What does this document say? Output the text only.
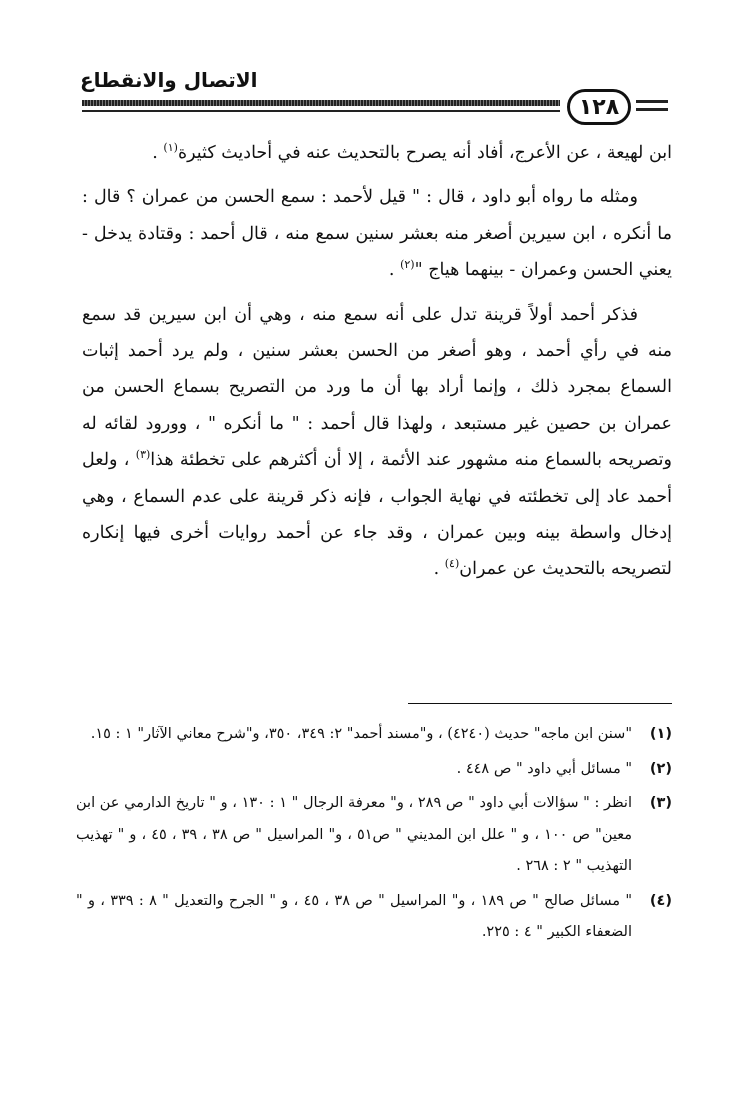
الاتصال والانقطاع
١٢٨

ابن لهيعة ، عن الأعرج، أفاد أنه يصرح بالتحديث عنه في أحاديث كثيرة$^{(١)}$ .

ومثله ما رواه أبو داود ، قال : " قيل لأحمد : سمع الحسن من عمران ؟ قال : ما أنكره ، ابن سيرين أصغر منه بعشر سنين سمع منه ، قال أحمد : وقتادة يدخل - يعني الحسن وعمران - بينهما هياج "$^{(٢)}$ .

فذكر أحمد أولاً قرينة تدل على أنه سمع منه ، وهي أن ابن سيرين قد سمع منه في رأي أحمد ، وهو أصغر من الحسن بعشر سنين ، ولم يرد أحمد إثبات السماع بمجرد ذلك ، وإنما أراد بها أن ما ورد من التصريح بسماع الحسن من عمران بن حصين غير مستبعد ، ولهذا قال أحمد : " ما أنكره " ، وورود لقائه له وتصريحه بالسماع منه مشهور عند الأئمة ، إلا أن أكثرهم على تخطئة هذا$^{(٣)}$ ، ولعل أحمد عاد إلى تخطئته في نهاية الجواب ، فإنه ذكر قرينة على عدم السماع ، وهي إدخال واسطة بينه وبين عمران ، وقد جاء عن أحمد روايات أخرى فيها إنكاره لتصريحه بالتحديث عن عمران$^{(٤)}$ .

(١)
"سنن ابن ماجه" حديث (٤٢٤٠) ، و"مسند أحمد" ٢: ٣٤٩، ٣٥٠، و"شرح معاني الآثار" ١ : ١٥.
(٢)
" مسائل أبي داود " ص ٤٤٨ .
(٣)
انظر : " سؤالات أبي داود " ص ٢٨٩ ، و" معرفة الرجال " ١ : ١٣٠ ، و " تاريخ الدارمي عن ابن معين" ص ١٠٠ ، و " علل ابن المديني " ص٥١ ، و" المراسيل " ص ٣٨ ، ٣٩ ، ٤٥ ، و " تهذيب التهذيب " ٢ : ٢٦٨ .
(٤)
" مسائل صالح " ص ١٨٩ ، و" المراسيل " ص ٣٨ ، ٤٥ ، و " الجرح والتعديل " ٨ : ٣٣٩ ، و " الضعفاء الكبير " ٤ : ٢٢٥.
